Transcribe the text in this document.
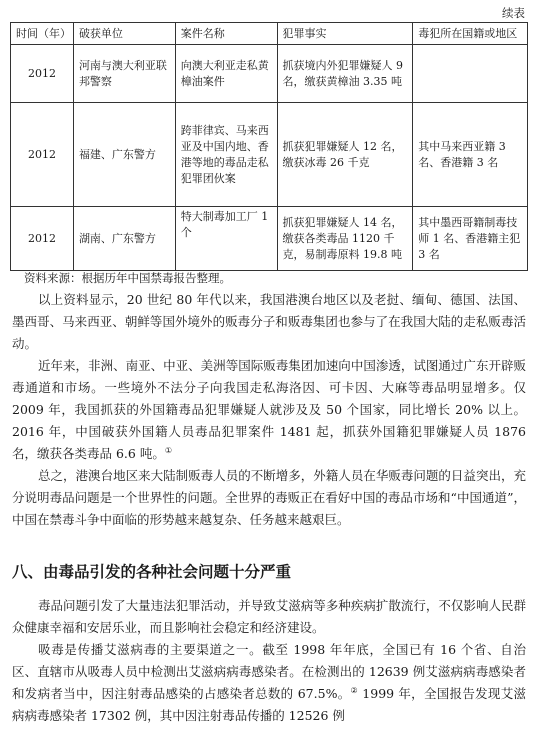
续表
时间（年）	破获单位	案件名称	犯罪事实	毒犯所在国籍或地区
2012	河南与澳大利亚联邦警察	向澳大利亚走私黄樟油案件	抓获境内外犯罪嫌疑人 9 名，缴获黄樟油 3.35 吨	
2012	福建、广东警方	跨菲律宾、马来西亚及中国内地、香港等地的毒品走私犯罪团伙案	抓获犯罪嫌疑人 12 名，缴获冰毒 26 千克	其中马来西亚籍 3 名、香港籍 3 名
2012	湖南、广东警方	特大制毒加工厂 1 个	抓获犯罪嫌疑人 14 名，缴获各类毒品 1120 千克，易制毒原料 19.8 吨	其中墨西哥籍制毒技师 1 名、香港籍主犯 3 名
资料来源：根据历年中国禁毒报告整理。

以上资料显示，20 世纪 80 年代以来，我国港澳台地区以及老挝、缅甸、德国、法国、墨西哥、马来西亚、朝鲜等国外境外的贩毒分子和贩毒集团也参与了在我国大陆的走私贩毒活动。

近年来，非洲、南亚、中亚、美洲等国际贩毒集团加速向中国渗透，试图通过广东开辟贩毒通道和市场。一些境外不法分子向我国走私海洛因、可卡因、大麻等毒品明显增多。仅 2009 年，我国抓获的外国籍毒品犯罪嫌疑人就涉及及 50 个国家，同比增长 20% 以上。2016 年，中国破获外国籍人员毒品犯罪案件 1481 起，抓获外国籍犯罪嫌疑人员 1876 名，缴获各类毒品 6.6 吨。①

总之，港澳台地区来大陆制贩毒人员的不断增多，外籍人员在华贩毒问题的日益突出，充分说明毒品问题是一个世界性的问题。全世界的毒贩正在看好中国的毒品市场和“中国通道”，中国在禁毒斗争中面临的形势越来越复杂、任务越来越艰巨。

八、由毒品引发的各种社会问题十分严重

毒品问题引发了大量违法犯罪活动，并导致艾滋病等多种疾病扩散流行，不仅影响人民群众健康幸福和安居乐业，而且影响社会稳定和经济建设。

吸毒是传播艾滋病毒的主要渠道之一。截至 1998 年年底，全国已有 16 个省、自治区、直辖市从吸毒人员中检测出艾滋病病毒感染者。在检测出的 12639 例艾滋病病毒感染者和发病者当中，因注射毒品感染的占感染者总数的 67.5%。② 1999 年，全国报告发现艾滋病病毒感染者 17302 例，其中因注射毒品传播的 12526 例
